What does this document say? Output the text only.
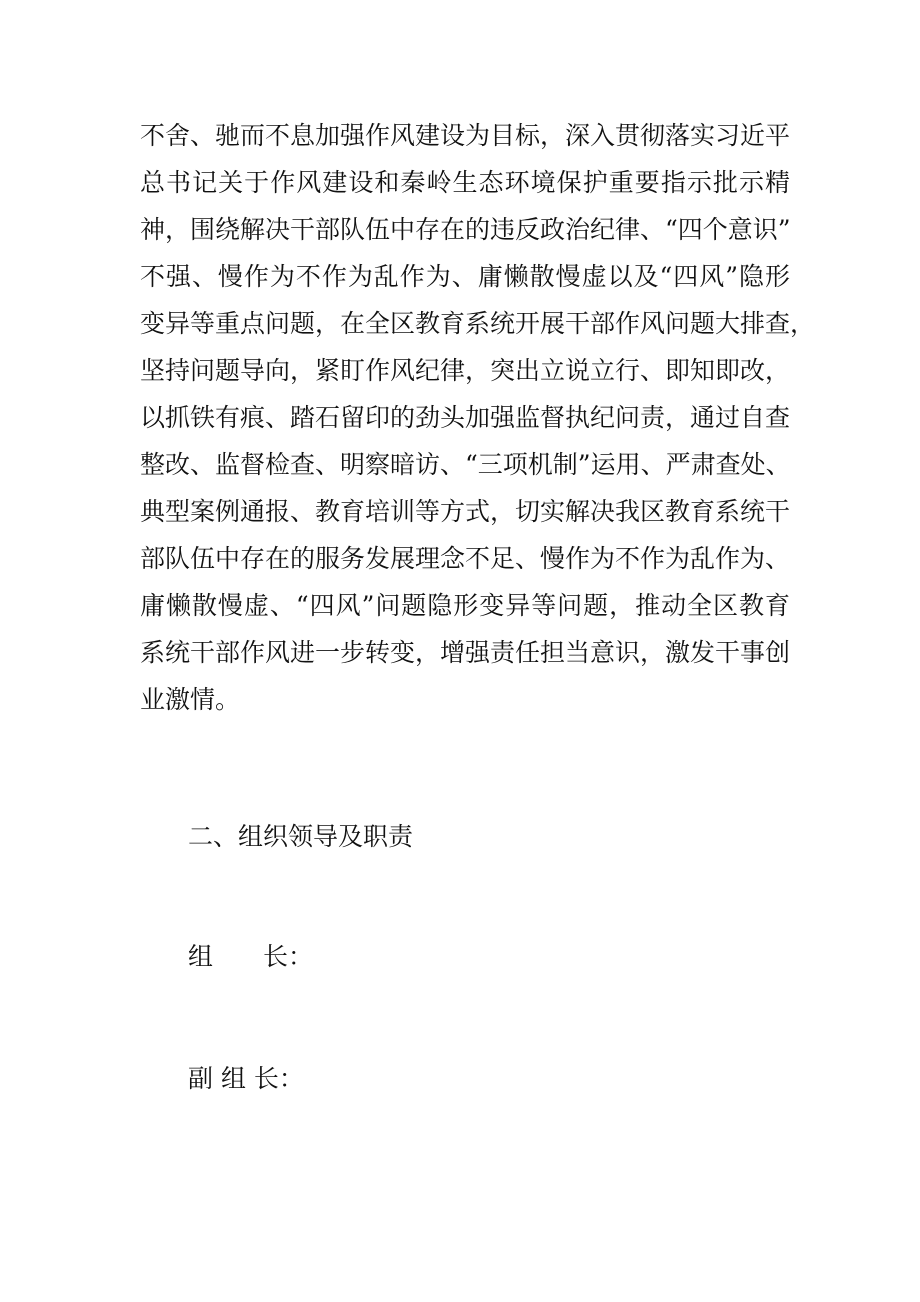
不舍、驰而不息加强作风建设为目标，深入贯彻落实习近平
总书记关于作风建设和秦岭生态环境保护重要指示批示精
神，围绕解决干部队伍中存在的违反政治纪律、“四个意识”
不强、慢作为不作为乱作为、庸懒散慢虚以及“四风”隐形
变异等重点问题，在全区教育系统开展干部作风问题大排查，
坚持问题导向，紧盯作风纪律，突出立说立行、即知即改，
以抓铁有痕、踏石留印的劲头加强监督执纪问责，通过自查
整改、监督检查、明察暗访、“三项机制”运用、严肃查处、
典型案例通报、教育培训等方式，切实解决我区教育系统干
部队伍中存在的服务发展理念不足、慢作为不作为乱作为、
庸懒散慢虚、“四风”问题隐形变异等问题，推动全区教育
系统干部作风进一步转变，增强责任担当意识，激发干事创
业激情。
二、组织领导及职责
组　　长：
副 组 长：
